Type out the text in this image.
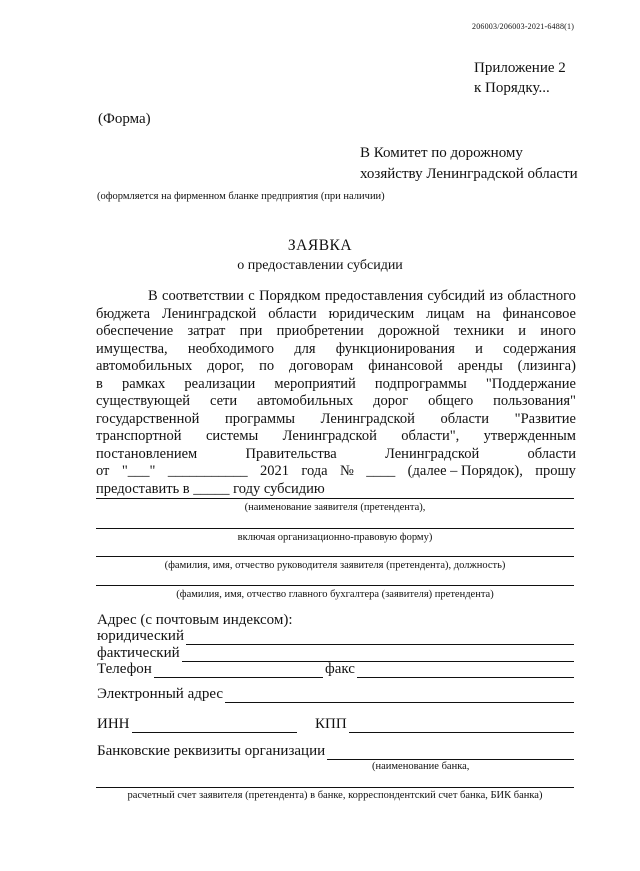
206003/206003-2021-6488(1)
Приложение 2
к Порядку...
(Форма)
В Комитет по дорожному
хозяйству Ленинградской области
(оформляется на фирменном бланке предприятия (при наличии)
ЗАЯВКА
о предоставлении субсидии
В соответствии с Порядком предоставления субсидий из областного
бюджета Ленинградской области юридическим лицам на финансовое
обеспечение затрат при приобретении дорожной техники и иного
имущества, необходимого для функционирования и содержания
автомобильных дорог, по договорам финансовой аренды (лизинга)
в рамках реализации мероприятий подпрограммы "Поддержание
существующей сети автомобильных дорог общего пользования"
государственной программы Ленинградской области "Развитие
транспортной системы Ленинградской области", утвержденным
постановлением	Правительства	Ленинградской	области
от "___" ___________ 2021 года № ____ (далее – Порядок), прошу
предоставить в _____ году субсидию
(наименование заявителя (претендента),
включая организационно-правовую форму)
(фамилия, имя, отчество руководителя заявителя (претендента), должность)
(фамилия, имя, отчество главного бухгалтера (заявителя) претендента)
Адрес (с почтовым индексом):
юридический
фактический
Телефон	факс
Электронный адрес
ИНН	КПП
Банковские реквизиты организации
(наименование банка,
расчетный счет заявителя (претендента) в банке, корреспондентский счет банка, БИК банка)
